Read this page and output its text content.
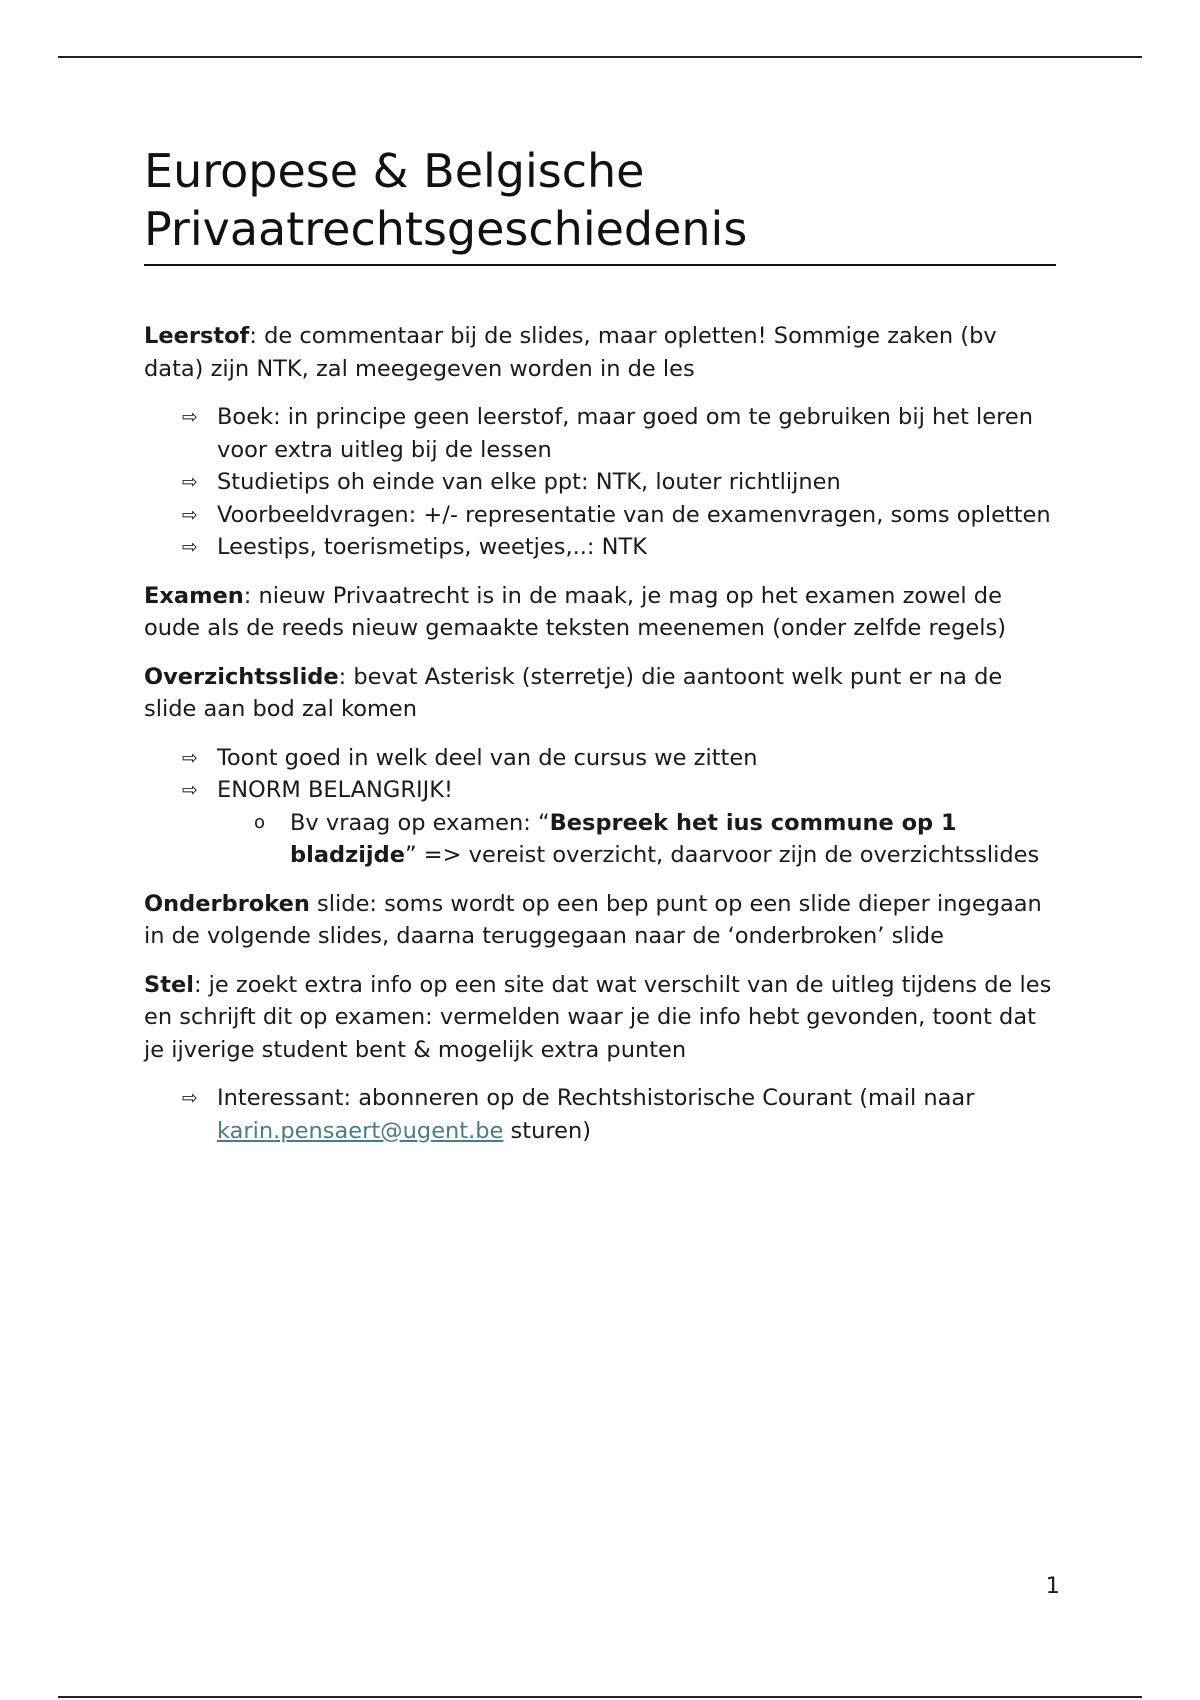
Europese & Belgische
Privaatrechtsgeschiedenis

Leerstof: de commentaar bij de slides, maar opletten! Sommige zaken (bv data) zijn NTK, zal meegegeven worden in de les

⇨ Boek: in principe geen leerstof, maar goed om te gebruiken bij het leren voor extra uitleg bij de lessen
⇨ Studietips oh einde van elke ppt: NTK, louter richtlijnen
⇨ Voorbeeldvragen: +/- representatie van de examenvragen, soms opletten
⇨ Leestips, toerismetips, weetjes,..: NTK

Examen: nieuw Privaatrecht is in de maak, je mag op het examen zowel de oude als de reeds nieuw gemaakte teksten meenemen (onder zelfde regels)

Overzichtsslide: bevat Asterisk (sterretje) die aantoont welk punt er na de slide aan bod zal komen

⇨ Toont goed in welk deel van de cursus we zitten
⇨ ENORM BELANGRIJK!
o Bv vraag op examen: “Bespreek het ius commune op 1 bladzijde” => vereist overzicht, daarvoor zijn de overzichtsslides

Onderbroken slide: soms wordt op een bep punt op een slide dieper ingegaan in de volgende slides, daarna teruggegaan naar de ‘onderbroken’ slide

Stel: je zoekt extra info op een site dat wat verschilt van de uitleg tijdens de les en schrijft dit op examen: vermelden waar je die info hebt gevonden, toont dat je ijverige student bent & mogelijk extra punten

⇨ Interessant: abonneren op de Rechtshistorische Courant (mail naar karin.pensaert@ugent.be sturen)
1
